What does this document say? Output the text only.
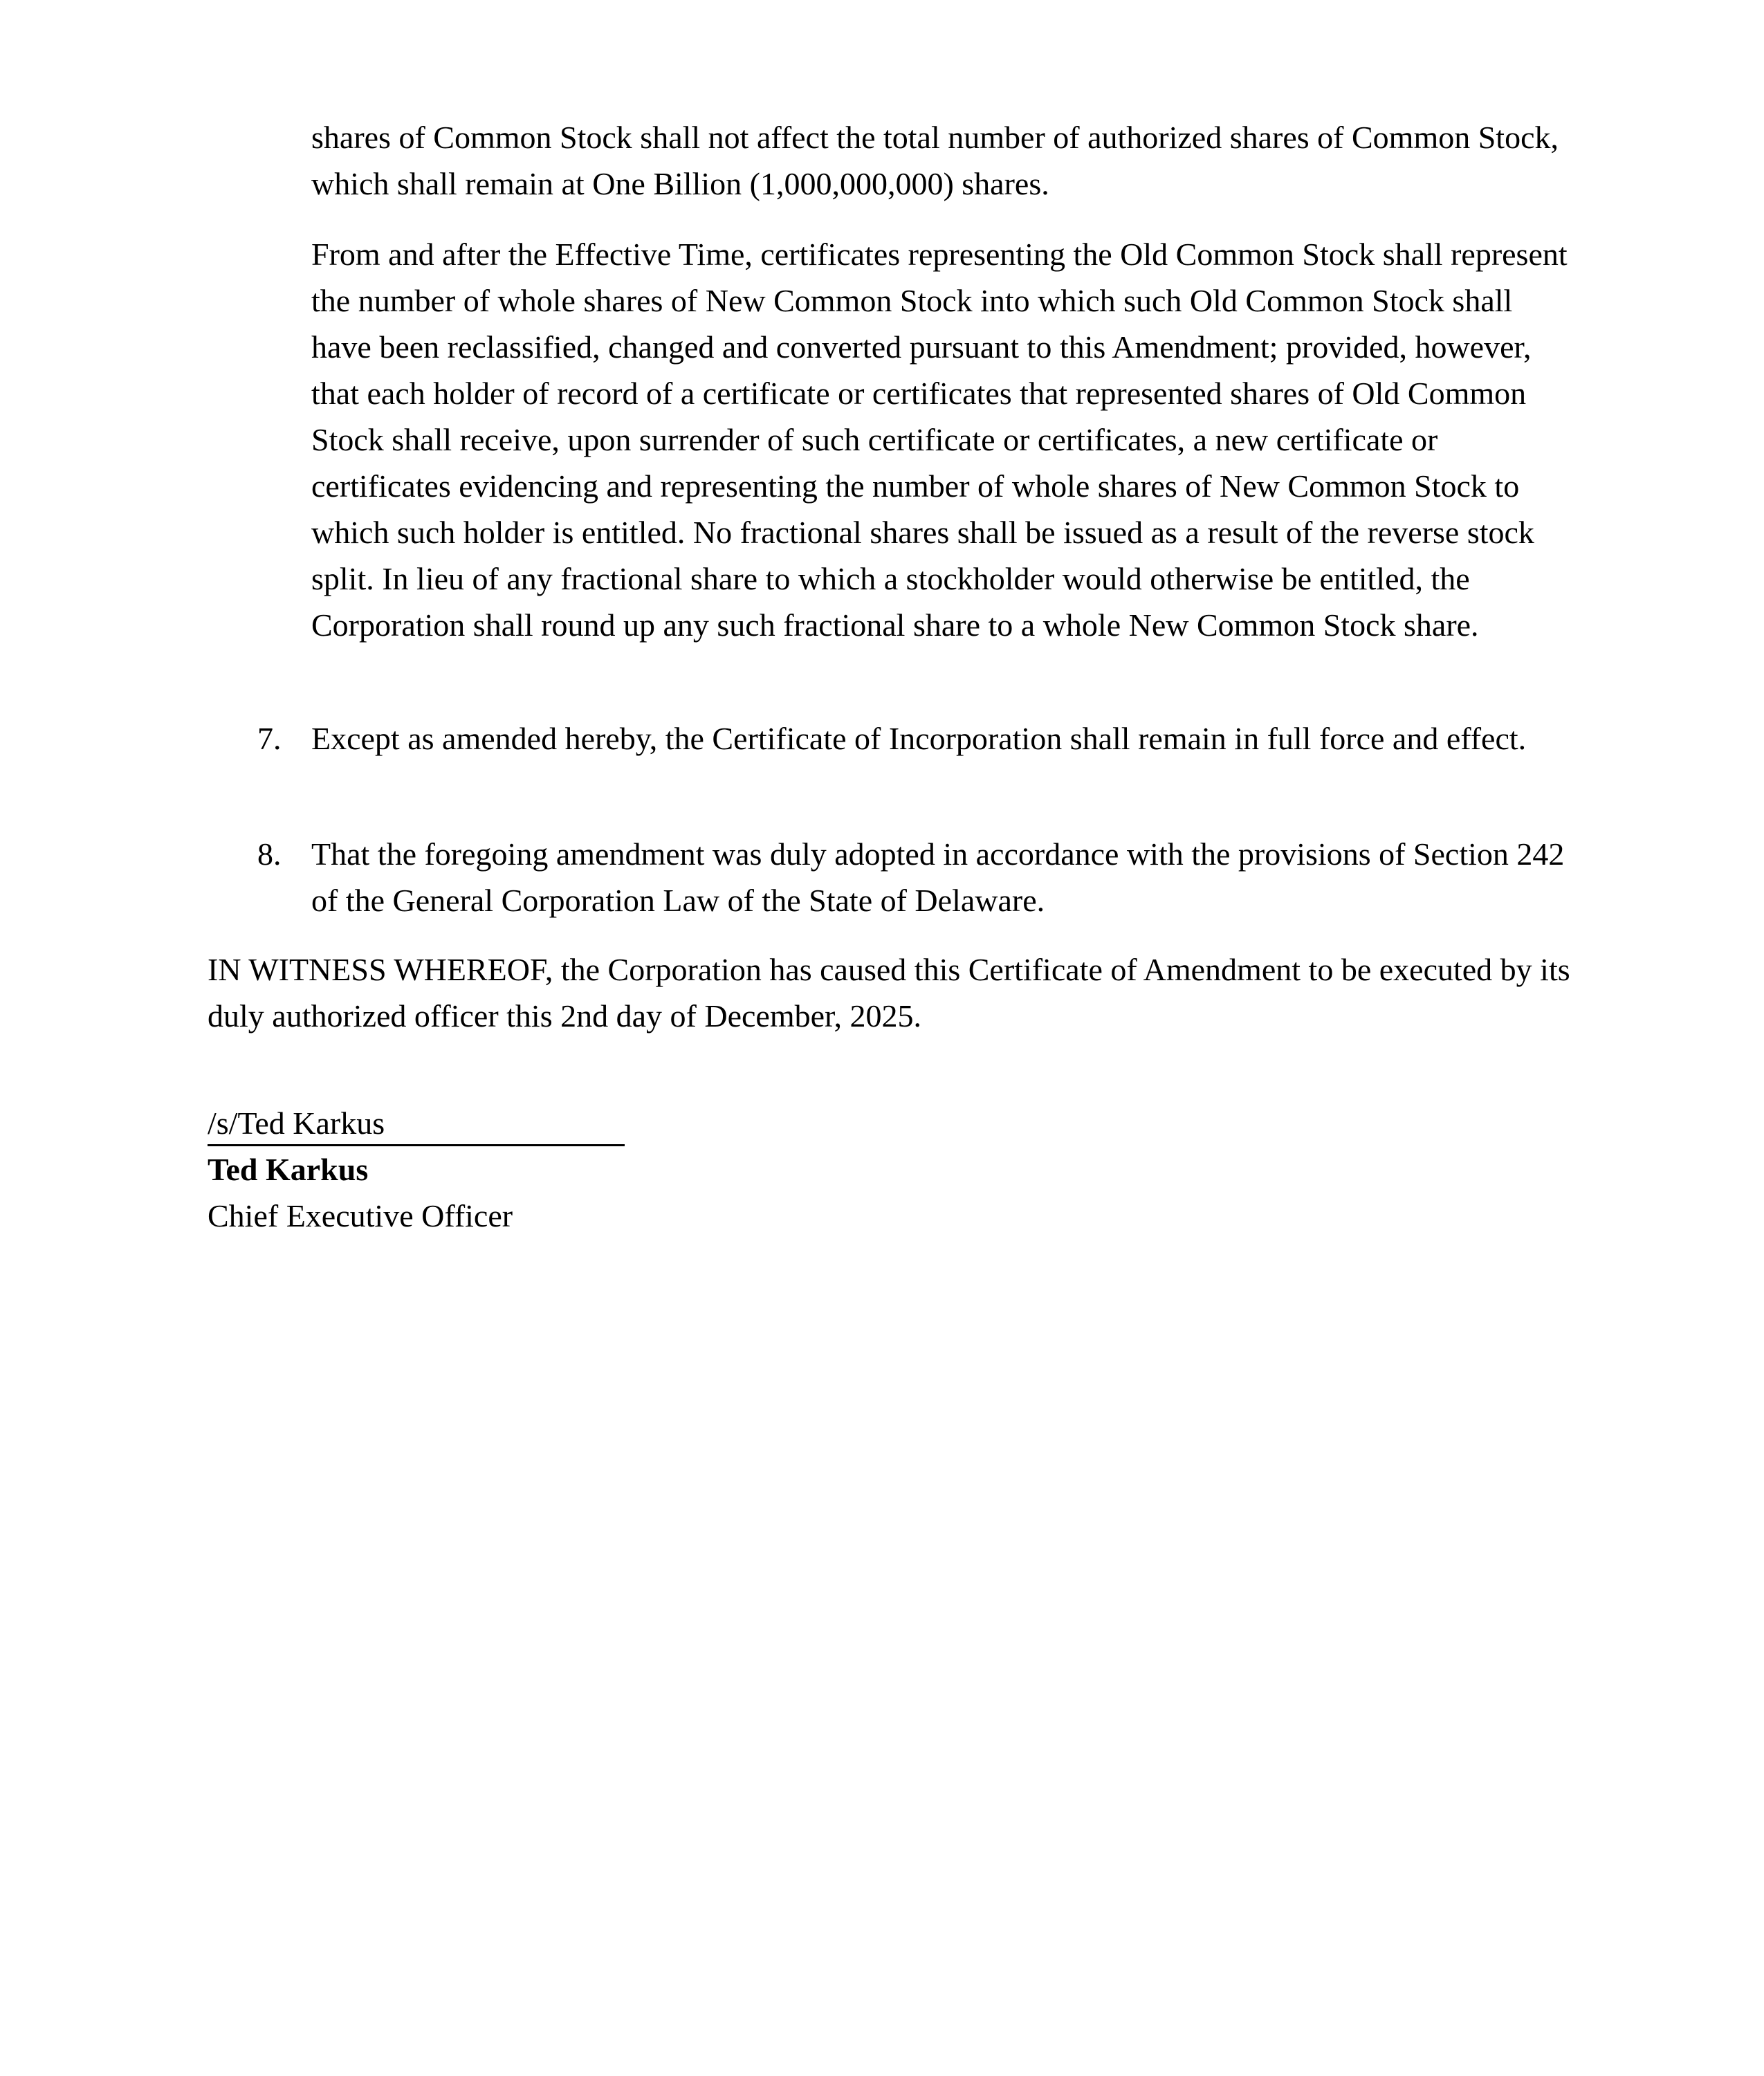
shares of Common Stock shall not affect the total number of authorized shares of Common Stock, which shall remain at One Billion (1,000,000,000) shares.

From and after the Effective Time, certificates representing the Old Common Stock shall represent the number of whole shares of New Common Stock into which such Old Common Stock shall have been reclassified, changed and converted pursuant to this Amendment; provided, however, that each holder of record of a certificate or certificates that represented shares of Old Common Stock shall receive, upon surrender of such certificate or certificates, a new certificate or certificates evidencing and representing the number of whole shares of New Common Stock to which such holder is entitled. No fractional shares shall be issued as a result of the reverse stock split. In lieu of any fractional share to which a stockholder would otherwise be entitled, the Corporation shall round up any such fractional share to a whole New Common Stock share.

7. Except as amended hereby, the Certificate of Incorporation shall remain in full force and effect.
8. That the foregoing amendment was duly adopted in accordance with the provisions of Section 242 of the General Corporation Law of the State of Delaware.

IN WITNESS WHEREOF, the Corporation has caused this Certificate of Amendment to be executed by its duly authorized officer this 2nd day of December, 2025.

/s/Ted Karkus
Ted Karkus
Chief Executive Officer
